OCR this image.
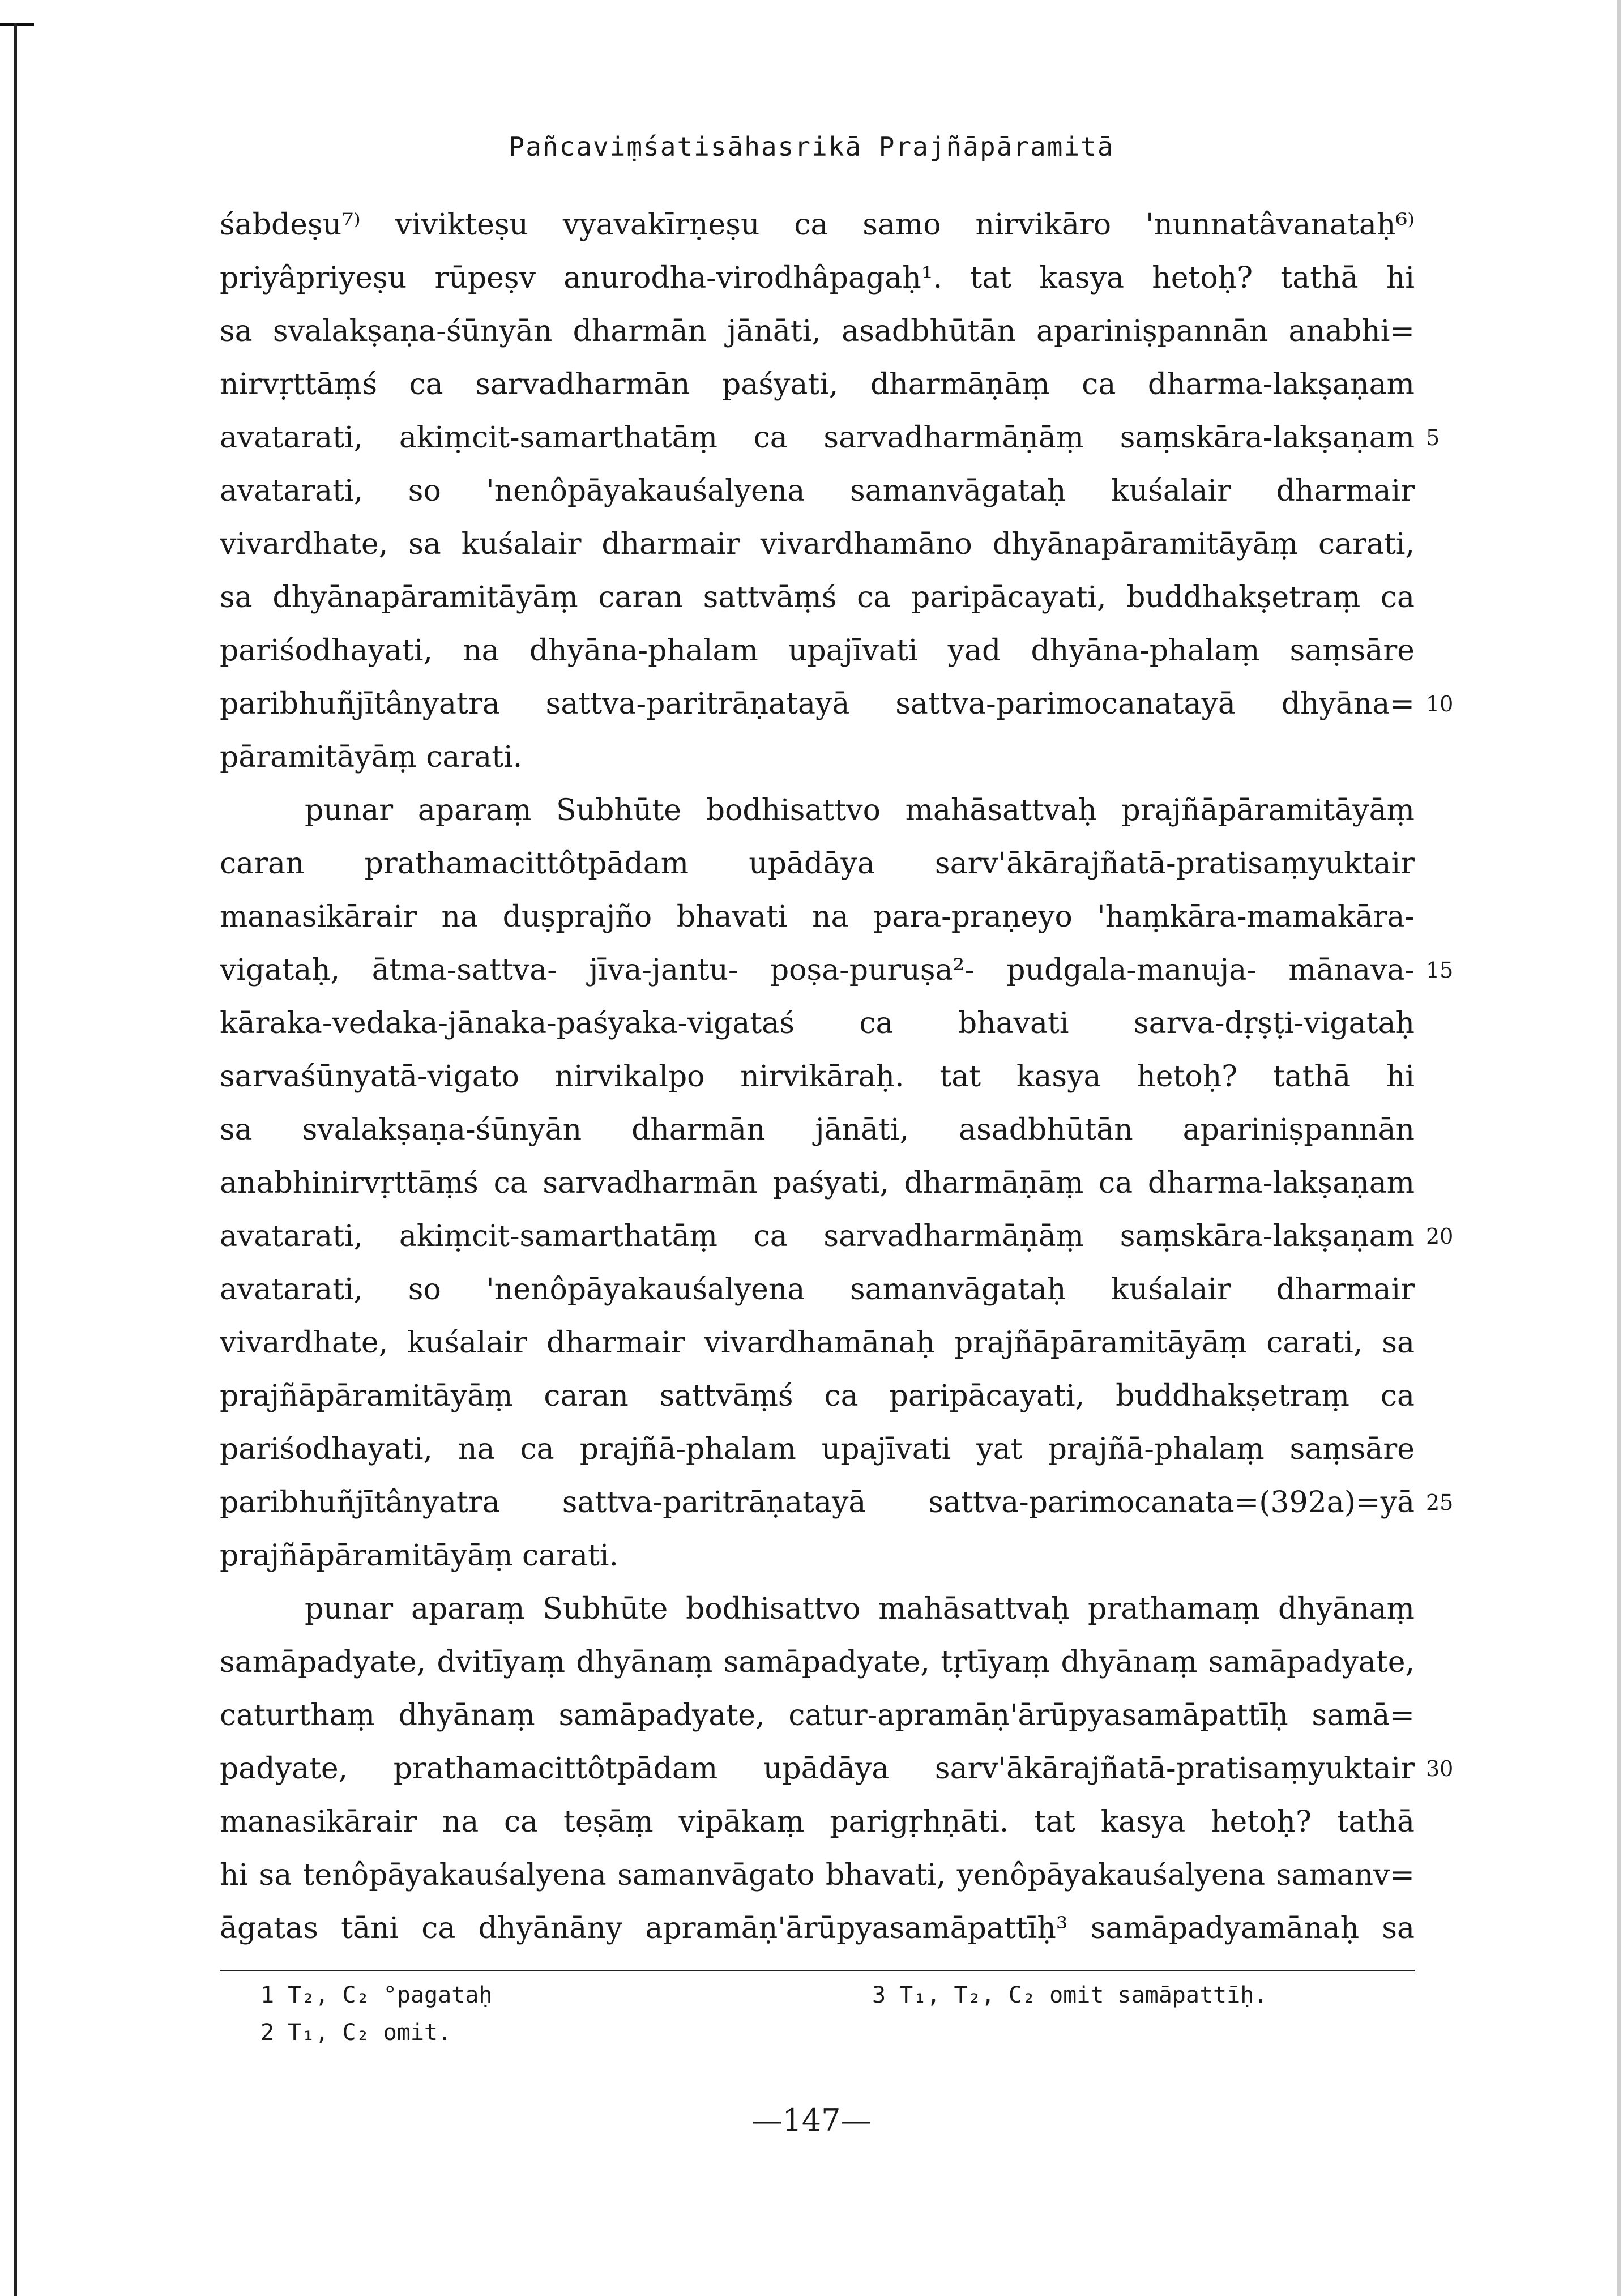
Pañcaviṃśatisāhasrikā Prajñāpāramitā
śabdeṣu⁷⁾ vivikteṣu vyavakīrṇeṣu ca samo nirvikāro 'nunnatâvanataḥ⁶⁾
priyâpriyeṣu rūpeṣv anurodha-virodhâpagaḥ¹. tat kasya hetoḥ? tathā hi
sa svalakṣaṇa-śūnyān dharmān jānāti, asadbhūtān apariniṣpannān anabhi=
nirvṛttāṃś ca sarvadharmān paśyati, dharmāṇāṃ ca dharma-lakṣaṇam
avatarati, akiṃcit-samarthatāṃ ca sarvadharmāṇāṃ saṃskāra-lakṣaṇam 5
avatarati, so 'nenôpāyakauśalyena samanvāgataḥ kuśalair dharmair
vivardhate, sa kuśalair dharmair vivardhamāno dhyānapāramitāyāṃ carati,
sa dhyānapāramitāyāṃ caran sattvāṃś ca paripācayati, buddhakṣetraṃ ca
pariśodhayati, na dhyāna-phalam upajīvati yad dhyāna-phalaṃ saṃsāre
paribhuñjītânyatra sattva-paritrāṇatayā sattva-parimocanatayā dhyāna= 10
pāramitāyāṃ carati.
punar aparaṃ Subhūte bodhisattvo mahāsattvaḥ prajñāpāramitāyāṃ
caran prathamacittôtpādam upādāya sarv'ākārajñatā-pratisaṃyuktair
manasikārair na duṣprajño bhavati na para-praṇeyo 'haṃkāra-mamakāra-
vigataḥ, ātma-sattva- jīva-jantu- poṣa-puruṣa²- pudgala-manuja- mānava- 15
kāraka-vedaka-jānaka-paśyaka-vigataś ca bhavati sarva-dṛṣṭi-vigataḥ
sarvaśūnyatā-vigato nirvikalpo nirvikāraḥ. tat kasya hetoḥ? tathā hi
sa svalakṣaṇa-śūnyān dharmān jānāti, asadbhūtān apariniṣpannān
anabhinirvṛttāṃś ca sarvadharmān paśyati, dharmāṇāṃ ca dharma-lakṣaṇam
avatarati, akiṃcit-samarthatāṃ ca sarvadharmāṇāṃ saṃskāra-lakṣaṇam 20
avatarati, so 'nenôpāyakauśalyena samanvāgataḥ kuśalair dharmair
vivardhate, kuśalair dharmair vivardhamānaḥ prajñāpāramitāyāṃ carati, sa
prajñāpāramitāyāṃ caran sattvāṃś ca paripācayati, buddhakṣetraṃ ca
pariśodhayati, na ca prajñā-phalam upajīvati yat prajñā-phalaṃ saṃsāre
paribhuñjītânyatra sattva-paritrāṇatayā sattva-parimocanata=(392a)=yā 25
prajñāpāramitāyāṃ carati.
punar aparaṃ Subhūte bodhisattvo mahāsattvaḥ prathamaṃ dhyānaṃ
samāpadyate, dvitīyaṃ dhyānaṃ samāpadyate, tṛtīyaṃ dhyānaṃ samāpadyate,
caturthaṃ dhyānaṃ samāpadyate, catur-apramāṇ'ārūpyasamāpattīḥ samā=
padyate, prathamacittôtpādam upādāya sarv'ākārajñatā-pratisaṃyuktair 30
manasikārair na ca teṣāṃ vipākaṃ parigṛhṇāti. tat kasya hetoḥ? tathā
hi sa tenôpāyakauśalyena samanvāgato bhavati, yenôpāyakauśalyena samanv=
āgatas tāni ca dhyānāny apramāṇ'ārūpyasamāpattīḥ³ samāpadyamānaḥ sa
1 T₂, C₂ °pagataḥ
2 T₁, C₂ omit.
3 T₁, T₂, C₂ omit samāpattīḥ.
—147—
